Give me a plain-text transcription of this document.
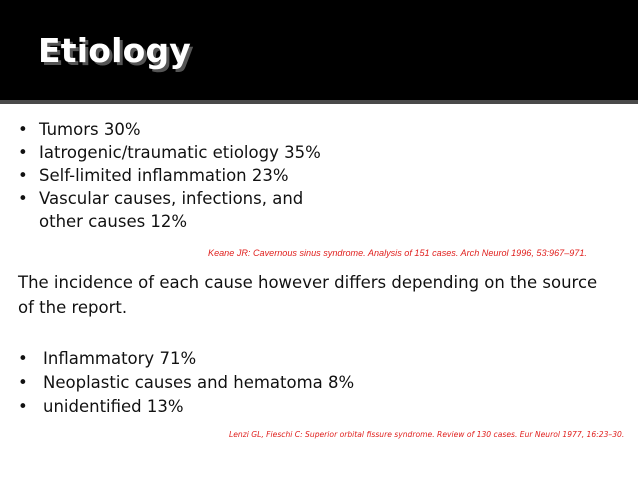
Etiology
• Tumors 30%
• Iatrogenic/traumatic etiology 35%
• Self-limited inflammation 23%
• Vascular causes, infections, and other causes 12%

Keane JR: Cavernous sinus syndrome. Analysis of 151 cases. Arch Neurol 1996, 53:967–971.

The incidence of each cause however differs depending on the source of the report.

• Inflammatory 71%
• Neoplastic causes and hematoma 8%
• unidentified 13%

Lenzi GL, Fieschi C: Superior orbital fissure syndrome. Review of 130 cases. Eur Neurol 1977, 16:23–30.
